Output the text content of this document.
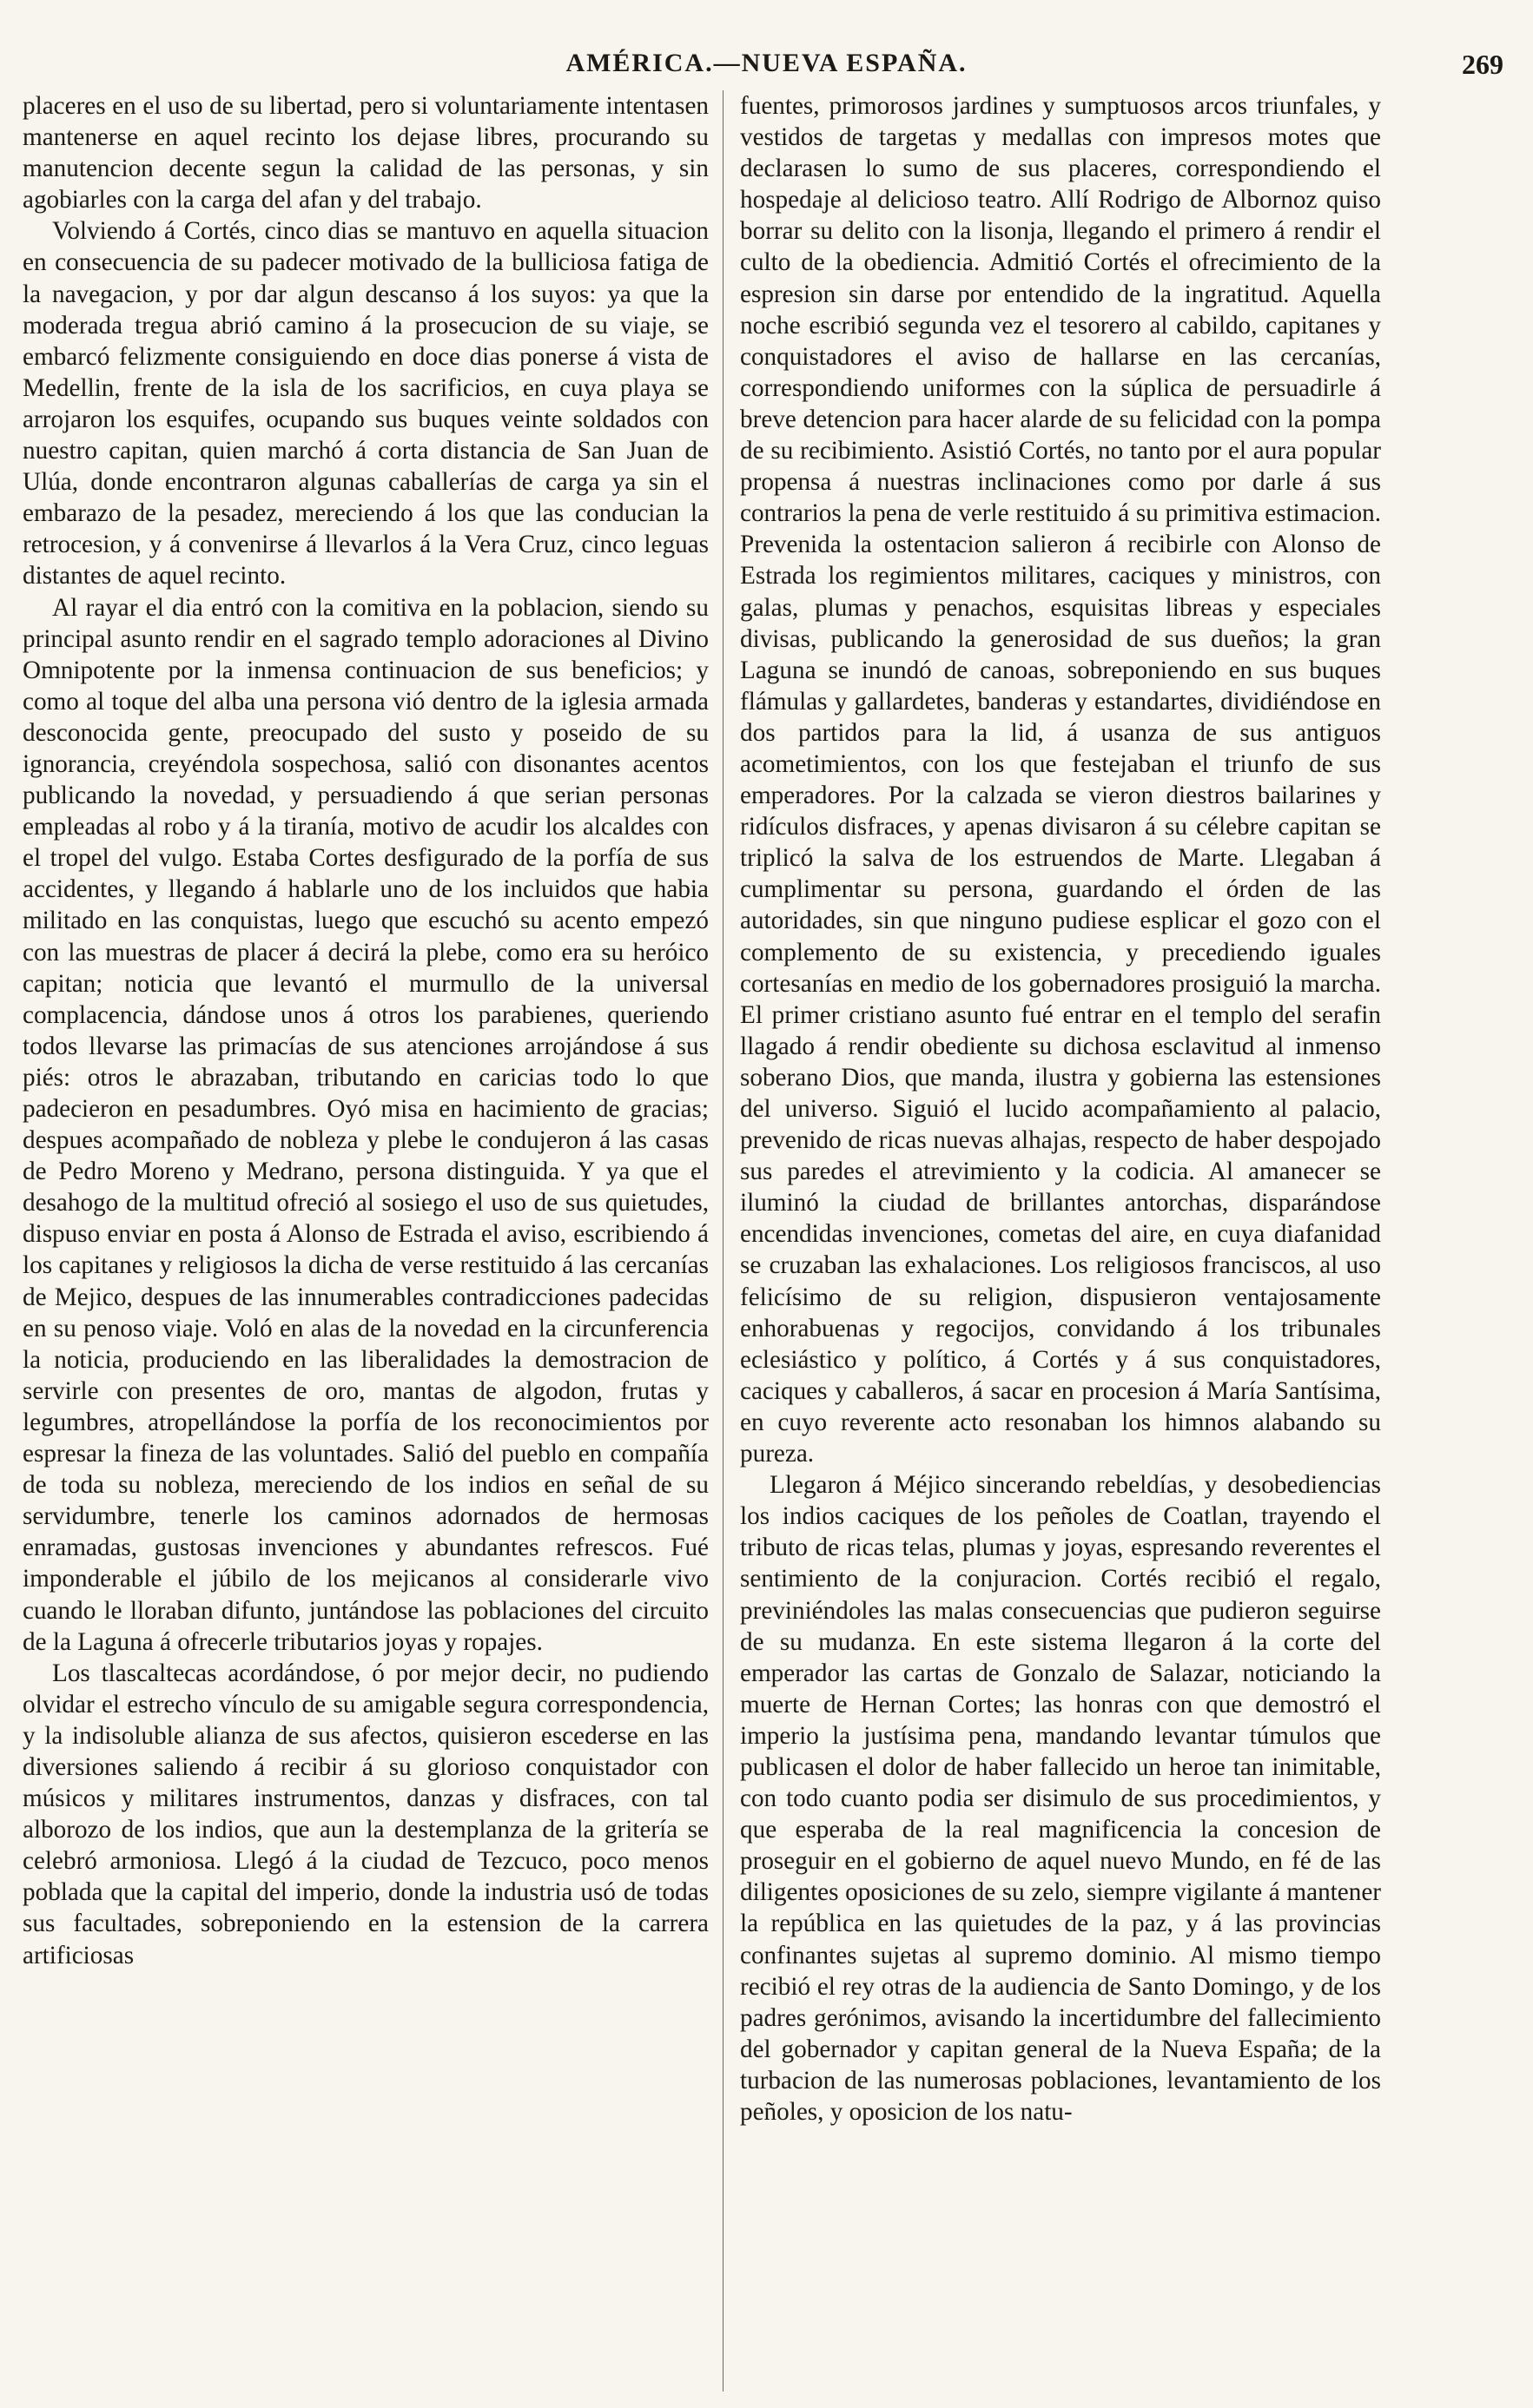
AMÉRICA.—NUEVA ESPAÑA.	269

placeres en el uso de su libertad, pero si voluntariamente intentasen mantenerse en aquel recinto los dejase libres, procurando su manutencion decente segun la calidad de las personas, y sin agobiarles con la carga del afan y del trabajo.

Volviendo á Cortés, cinco dias se mantuvo en aquella situacion en consecuencia de su padecer motivado de la bulliciosa fatiga de la navegacion, y por dar algun descanso á los suyos: ya que la moderada tregua abrió camino á la prosecucion de su viaje, se embarcó felizmente consiguiendo en doce dias ponerse á vista de Medellin, frente de la isla de los sacrificios, en cuya playa se arrojaron los esquifes, ocupando sus buques veinte soldados con nuestro capitan, quien marchó á corta distancia de San Juan de Ulúa, donde encontraron algunas caballerías de carga ya sin el embarazo de la pesadez, mereciendo á los que las conducian la retrocesion, y á convenirse á llevarlos á la Vera Cruz, cinco leguas distantes de aquel recinto.

Al rayar el dia entró con la comitiva en la poblacion, siendo su principal asunto rendir en el sagrado templo adoraciones al Divino Omnipotente por la inmensa continuacion de sus beneficios; y como al toque del alba una persona vió dentro de la iglesia armada desconocida gente, preocupado del susto y poseido de su ignorancia, creyéndola sospechosa, salió con disonantes acentos publicando la novedad, y persuadiendo á que serian personas empleadas al robo y á la tiranía, motivo de acudir los alcaldes con el tropel del vulgo. Estaba Cortes desfigurado de la porfía de sus accidentes, y llegando á hablarle uno de los incluidos que habia militado en las conquistas, luego que escuchó su acento empezó con las muestras de placer á decirá la plebe, como era su heróico capitan; noticia que levantó el murmullo de la universal complacencia, dándose unos á otros los parabienes, queriendo todos llevarse las primacías de sus atenciones arrojándose á sus piés: otros le abrazaban, tributando en caricias todo lo que padecieron en pesadumbres. Oyó misa en hacimiento de gracias; despues acompañado de nobleza y plebe le condujeron á las casas de Pedro Moreno y Medrano, persona distinguida. Y ya que el desahogo de la multitud ofreció al sosiego el uso de sus quietudes, dispuso enviar en posta á Alonso de Estrada el aviso, escribiendo á los capitanes y religiosos la dicha de verse restituido á las cercanías de Mejico, despues de las innumerables contradicciones padecidas en su penoso viaje. Voló en alas de la novedad en la circunferencia la noticia, produciendo en las liberalidades la demostracion de servirle con presentes de oro, mantas de algodon, frutas y legumbres, atropellándose la porfía de los reconocimientos por espresar la fineza de las voluntades. Salió del pueblo en compañía de toda su nobleza, mereciendo de los indios en señal de su servidumbre, tenerle los caminos adornados de hermosas enramadas, gustosas invenciones y abundantes refrescos. Fué imponderable el júbilo de los mejicanos al considerarle vivo cuando le lloraban difunto, juntándose las poblaciones del circuito de la Laguna á ofrecerle tributarios joyas y ropajes.

Los tlascaltecas acordándose, ó por mejor decir, no pudiendo olvidar el estrecho vínculo de su amigable segura correspondencia, y la indisoluble alianza de sus afectos, quisieron escederse en las diversiones saliendo á recibir á su glorioso conquistador con músicos y militares instrumentos, danzas y disfraces, con tal alborozo de los indios, que aun la destemplanza de la gritería se celebró armoniosa. Llegó á la ciudad de Tezcuco, poco menos poblada que la capital del imperio, donde la industria usó de todas sus facultades, sobreponiendo en la estension de la carrera artificiosas

fuentes, primorosos jardines y sumptuosos arcos triunfales, y vestidos de targetas y medallas con impresos motes que declarasen lo sumo de sus placeres, correspondiendo el hospedaje al delicioso teatro. Allí Rodrigo de Albornoz quiso borrar su delito con la lisonja, llegando el primero á rendir el culto de la obediencia. Admitió Cortés el ofrecimiento de la espresion sin darse por entendido de la ingratitud. Aquella noche escribió segunda vez el tesorero al cabildo, capitanes y conquistadores el aviso de hallarse en las cercanías, correspondiendo uniformes con la súplica de persuadirle á breve detencion para hacer alarde de su felicidad con la pompa de su recibimiento. Asistió Cortés, no tanto por el aura popular propensa á nuestras inclinaciones como por darle á sus contrarios la pena de verle restituido á su primitiva estimacion. Prevenida la ostentacion salieron á recibirle con Alonso de Estrada los regimientos militares, caciques y ministros, con galas, plumas y penachos, esquisitas libreas y especiales divisas, publicando la generosidad de sus dueños; la gran Laguna se inundó de canoas, sobreponiendo en sus buques flámulas y gallardetes, banderas y estandartes, dividiéndose en dos partidos para la lid, á usanza de sus antiguos acometimientos, con los que festejaban el triunfo de sus emperadores. Por la calzada se vieron diestros bailarines y ridículos disfraces, y apenas divisaron á su célebre capitan se triplicó la salva de los estruendos de Marte. Llegaban á cumplimentar su persona, guardando el órden de las autoridades, sin que ninguno pudiese esplicar el gozo con el complemento de su existencia, y precediendo iguales cortesanías en medio de los gobernadores prosiguió la marcha. El primer cristiano asunto fué entrar en el templo del serafin llagado á rendir obediente su dichosa esclavitud al inmenso soberano Dios, que manda, ilustra y gobierna las estensiones del universo. Siguió el lucido acompañamiento al palacio, prevenido de ricas nuevas alhajas, respecto de haber despojado sus paredes el atrevimiento y la codicia. Al amanecer se iluminó la ciudad de brillantes antorchas, disparándose encendidas invenciones, cometas del aire, en cuya diafanidad se cruzaban las exhalaciones. Los religiosos franciscos, al uso felicísimo de su religion, dispusieron ventajosamente enhorabuenas y regocijos, convidando á los tribunales eclesiástico y político, á Cortés y á sus conquistadores, caciques y caballeros, á sacar en procesion á María Santísima, en cuyo reverente acto resonaban los himnos alabando su pureza.

Llegaron á Méjico sincerando rebeldías, y desobediencias los indios caciques de los peñoles de Coatlan, trayendo el tributo de ricas telas, plumas y joyas, espresando reverentes el sentimiento de la conjuracion. Cortés recibió el regalo, previniéndoles las malas consecuencias que pudieron seguirse de su mudanza. En este sistema llegaron á la corte del emperador las cartas de Gonzalo de Salazar, noticiando la muerte de Hernan Cortes; las honras con que demostró el imperio la justísima pena, mandando levantar túmulos que publicasen el dolor de haber fallecido un heroe tan inimitable, con todo cuanto podia ser disimulo de sus procedimientos, y que esperaba de la real magnificencia la concesion de proseguir en el gobierno de aquel nuevo Mundo, en fé de las diligentes oposiciones de su zelo, siempre vigilante á mantener la república en las quietudes de la paz, y á las provincias confinantes sujetas al supremo dominio. Al mismo tiempo recibió el rey otras de la audiencia de Santo Domingo, y de los padres gerónimos, avisando la incertidumbre del fallecimiento del gobernador y capitan general de la Nueva España; de la turbacion de las numerosas poblaciones, levantamiento de los peñoles, y oposicion de los natu-
